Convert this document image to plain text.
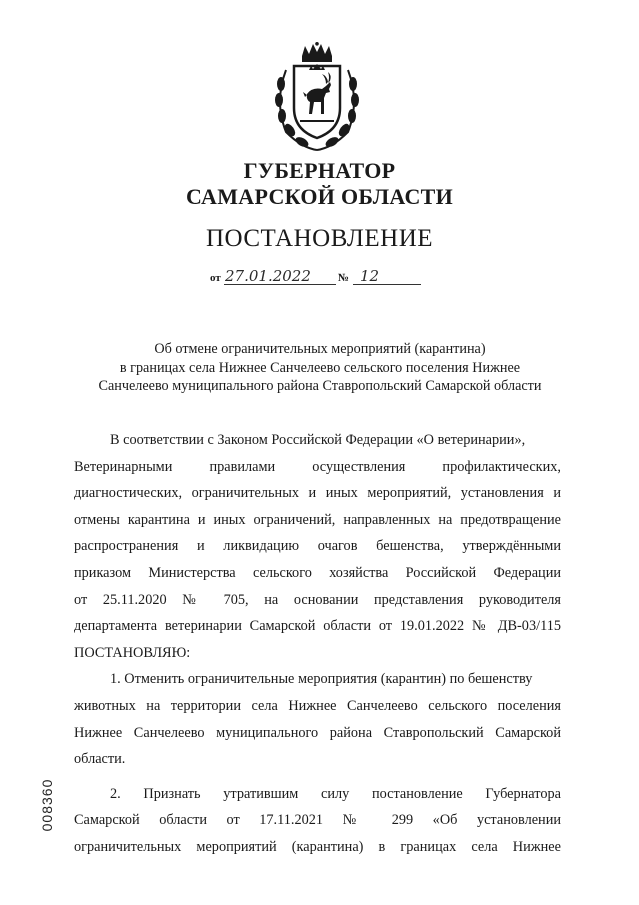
ГУБЕРНАТОР
САМАРСКОЙ ОБЛАСТИ
ПОСТАНОВЛЕНИЕ
от 27.01.2022 № 12
Об отмене ограничительных мероприятий (карантина)
в границах села Нижнее Санчелеево сельского поселения Нижнее
Санчелеево муниципального района Ставропольский Самарской области
В соответствии с Законом Российской Федерации «О ветеринарии»,
Ветеринарными правилами осуществления профилактических,
диагностических, ограничительных и иных мероприятий, установления и
отмены карантина и иных ограничений, направленных на предотвращение
распространения и ликвидацию очагов бешенства, утверждёнными
приказом Министерства сельского хозяйства Российской Федерации
от 25.11.2020 № 705, на основании представления руководителя
департамента ветеринарии Самарской области от 19.01.2022 № ДВ-03/115
ПОСТАНОВЛЯЮ:
1. Отменить ограничительные мероприятия (карантин) по бешенству
животных на территории села Нижнее Санчелеево сельского поселения
Нижнее Санчелеево муниципального района Ставропольский Самарской
области.
2. Признать утратившим силу постановление Губернатора
Самарской области от 17.11.2021 № 299 «Об установлении
ограничительных мероприятий (карантина) в границах села Нижнее
008360
